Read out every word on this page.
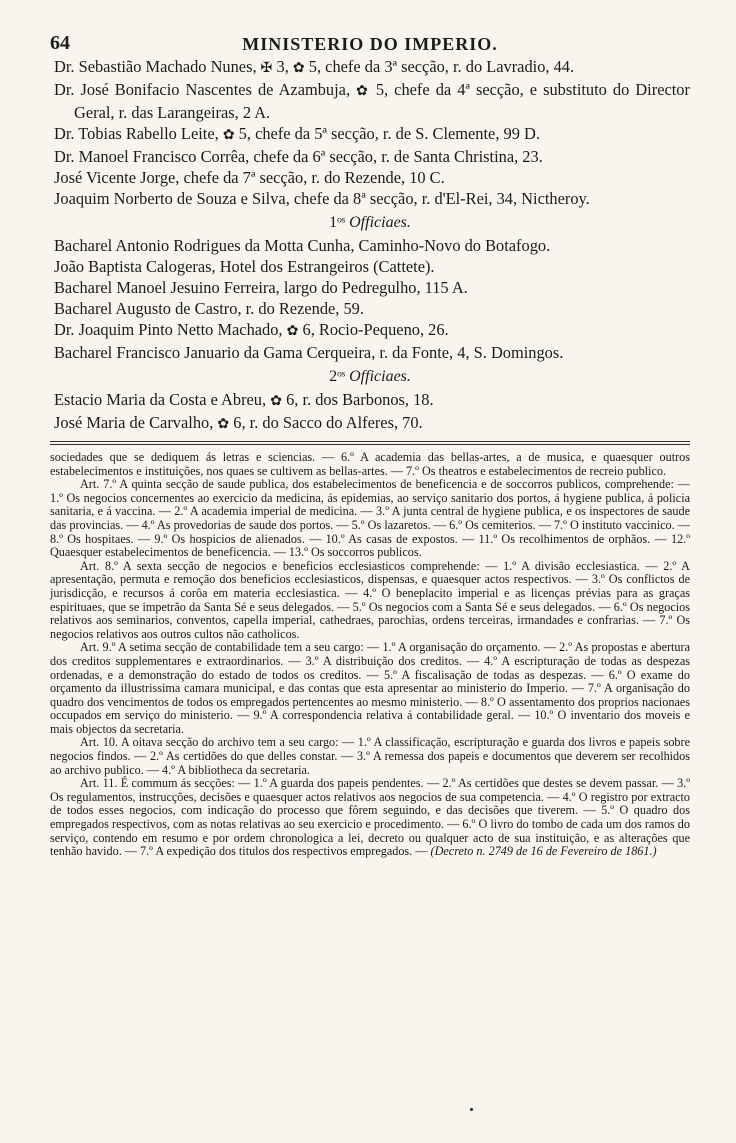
64	MINISTERIO DO IMPERIO.
Dr. Sebastião Machado Nunes, ✠ 3, ✿ 5, chefe da 3ª secção, r. do Lavradio, 44.
Dr. José Bonifacio Nascentes de Azambuja, ✿ 5, chefe da 4ª secção, e substituto do Director Geral, r. das Larangeiras, 2 A.
Dr. Tobias Rabello Leite, ✿ 5, chefe da 5ª secção, r. de S. Clemente, 99 D.
Dr. Manoel Francisco Corrêa, chefe da 6ª secção, r. de Santa Christina, 23.
José Vicente Jorge, chefe da 7ª secção, r. do Rezende, 10 C.
Joaquim Norberto de Souza e Silva, chefe da 8ª secção, r. d'El-Rei, 34, Nictheroy.
1ᵒˢ Officiaes.
Bacharel Antonio Rodrigues da Motta Cunha, Caminho-Novo do Botafogo.
João Baptista Calogeras, Hotel dos Estrangeiros (Cattete).
Bacharel Manoel Jesuino Ferreira, largo do Pedregulho, 115 A.
Bacharel Augusto de Castro, r. do Rezende, 59.
Dr. Joaquim Pinto Netto Machado, ✿ 6, Rocio-Pequeno, 26.
Bacharel Francisco Januario da Gama Cerqueira, r. da Fonte, 4, S. Domingos.
2ᵒˢ Officiaes.
Estacio Maria da Costa e Abreu, ✿ 6, r. dos Barbonos, 18.
José Maria de Carvalho, ✿ 6, r. do Sacco do Alferes, 70.

sociedades que se dediquem ás letras e sciencias. — 6.º A academia das bellas-artes, a de musica, e quaesquer outros estabelecimentos e instituições, nos quaes se cultivem as bellas-artes. — 7.º Os theatros e estabelecimentos de recreio publico.

Art. 7.º A quinta secção de saude publica, dos estabelecimentos de beneficencia e de soccorros publicos, comprehende: — 1.º Os negocios concernentes ao exercicio da medicina, ás epidemias, ao serviço sanitario dos portos, á hygiene publica, á policia sanitaria, e á vaccina. — 2.º A academia imperial de medicina. — 3.º A junta central de hygiene publica, e os inspectores de saude das provincias. — 4.º As provedorias de saude dos portos. — 5.º Os lazaretos. — 6.º Os cemiterios. — 7.º O instituto vaccinico. — 8.º Os hospitaes. — 9.º Os hospicios de alienados. — 10.º As casas de expostos. — 11.º Os recolhimentos de orphãos. — 12.º Quaesquer estabelecimentos de beneficencia. — 13.º Os soccorros publicos.

Art. 8.º A sexta secção de negocios e beneficios ecclesiasticos comprehende: — 1.º A divisão ecclesiastica. — 2.º A apresentação, permuta e remoção dos beneficios ecclesiasticos, dispensas, e quaesquer actos respectivos. — 3.º Os conflictos de jurisdicção, e recursos á corôa em materia ecclesiastica. — 4.º O beneplacito imperial e as licenças prévias para as graças espirituaes, que se impetrão da Santa Sé e seus delegados. — 5.º Os negocios com a Santa Sé e seus delegados. — 6.º Os negocios relativos aos seminarios, conventos, capella imperial, cathedraes, parochias, ordens terceiras, irmandades e confrarias. — 7.º Os negocios relativos aos outros cultos não catholicos.

Art. 9.º A setima secção de contabilidade tem a seu cargo: — 1.º A organisação do orçamento. — 2.º As propostas e abertura dos creditos supplementares e extraordinarios. — 3.º A distribuição dos creditos. — 4.º A escripturação de todas as despezas ordenadas, e a demonstração do estado de todos os creditos. — 5.º A fiscalisação de todas as despezas. — 6.º O exame do orçamento da illustrissima camara municipal, e das contas que esta apresentar ao ministerio do Imperio. — 7.º A organisação do quadro dos vencimentos de todos os empregados pertencentes ao mesmo ministerio. — 8.º O assentamento dos proprios nacionaes occupados em serviço do ministerio. — 9.º A correspondencia relativa á contabilidade geral. — 10.º O inventario dos moveis e mais objectos da secretaria.

Art. 10. A oitava secção do archivo tem a seu cargo: — 1.º A classificação, escripturação e guarda dos livros e papeis sobre negocios findos. — 2.º As certidões do que delles constar. — 3.º A remessa dos papeis e documentos que deverem ser recolhidos ao archivo publico. — 4.º A bibliotheca da secretaria.

Art. 11. É commum ás secções: — 1.º A guarda dos papeis pendentes. — 2.º As certidões que destes se devem passar. — 3.º Os regulamentos, instrucções, decisões e quaesquer actos relativos aos negocios de sua competencia. — 4.º O registro por extracto de todos esses negocios, com indicação do processo que fôrem seguindo, e das decisões que tiverem. — 5.º O quadro dos empregados respectivos, com as notas relativas ao seu exercicio e procedimento. — 6.º O livro do tombo de cada um dos ramos do serviço, contendo em resumo e por ordem chronologica a lei, decreto ou qualquer acto de sua instituição, e as alterações que tenhão havido. — 7.º A expedição dos titulos dos respectivos empregados. — (Decreto n. 2749 de 16 de Fevereiro de 1861.)
